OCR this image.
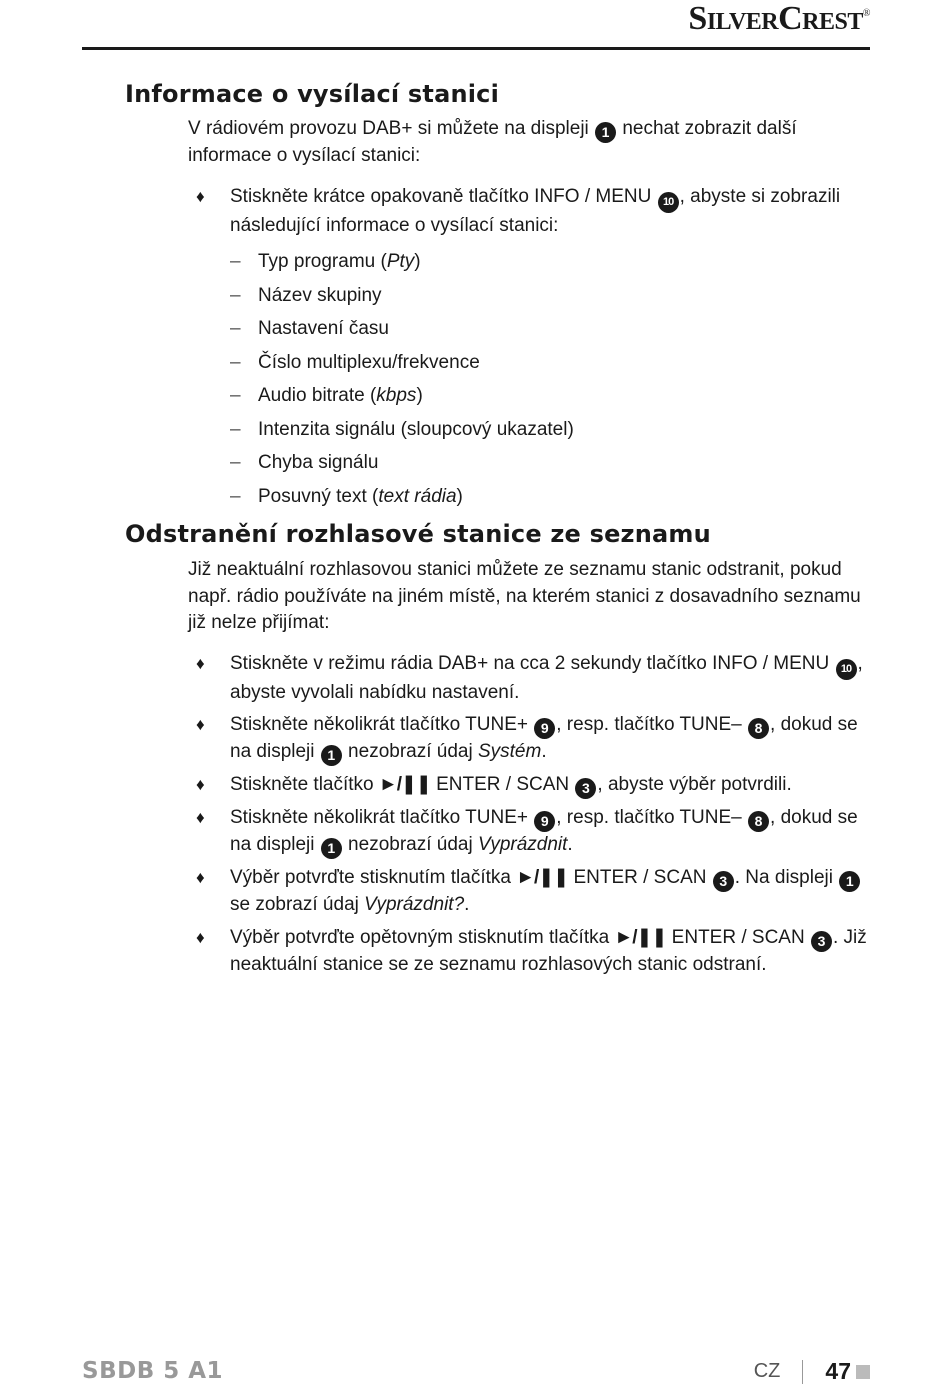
SilverCrest®
Informace o vysílací stanici
V rádiovém provozu DAB+ si můžete na displeji 1 nechat zobrazit další informace o vysílací stanici:
♦ Stiskněte krátce opakovaně tlačítko INFO / MENU 10 , abyste si zobrazili následující informace o vysílací stanici:
– Typ programu (Pty)
– Název skupiny
– Nastavení času
– Číslo multiplexu/frekvence
– Audio bitrate (kbps)
– Intenzita signálu (sloupcový ukazatel)
– Chyba signálu
– Posuvný text (text rádia)
Odstranění rozhlasové stanice ze seznamu
Již neaktuální rozhlasovou stanici můžete ze seznamu stanic odstranit, pokud např. rádio používáte na jiném místě, na kterém stanici z dosavadního seznamu již nelze přijímat:
♦ Stiskněte v režimu rádia DAB+ na cca 2 sekundy tlačítko INFO / MENU 10 , abyste vyvolali nabídku nastavení.
♦ Stiskněte několikrát tlačítko TUNE+ 9 , resp. tlačítko TUNE– 8 , dokud se na displeji 1 nezobrazí údaj Systém.
♦ Stiskněte tlačítko ►/❚❚ ENTER / SCAN 3 , abyste výběr potvrdili.
♦ Stiskněte několikrát tlačítko TUNE+ 9 , resp. tlačítko TUNE– 8 , dokud se na displeji 1 nezobrazí údaj Vyprázdnit.
♦ Výběr potvrďte stisknutím tlačítka ►/❚❚ ENTER / SCAN 3 . Na displeji 1 se zobrazí údaj Vyprázdnit?.
♦ Výběr potvrďte opětovným stisknutím tlačítka ►/❚❚ ENTER / SCAN 3 . Již neaktuální stanice se ze seznamu rozhlasových stanic odstraní.
SBDB 5 A1	CZ 47
